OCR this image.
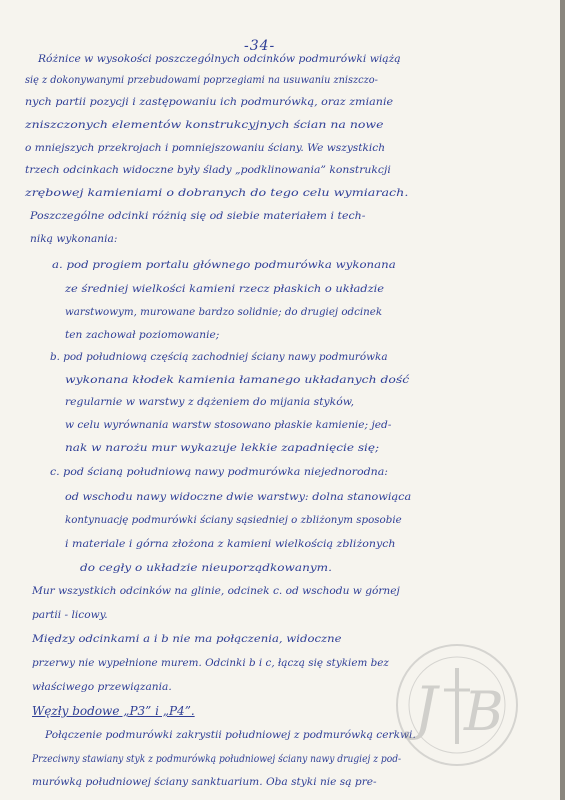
-34-
Różnice w wysokości poszczególnych odcinków podmurówki wiążą
się z dokonywanymi przebudowami poprzegiami na usuwaniu zniszczo-
nych partii pozycji i zastępowaniu ich podmurówką, oraz zmianie
zniszczonych elementów konstrukcyjnych ścian na nowe
o mniejszych przekrojach i pomniejszowaniu ściany. We wszystkich
trzech odcinkach widoczne były ślady „podklinowania” konstrukcji
zrębowej kamieniami o dobranych do tego celu wymiarach.
Poszczególne odcinki różnią się od siebie materiałem i tech-
niką wykonania:
a. pod progiem portalu głównego podmurówka wykonana
ze średniej wielkości kamieni rzecz płaskich o układzie
warstwowym, murowane bardzo solidnie; do drugiej odcinek
ten zachował poziomowanie;
b. pod południową częścią zachodniej ściany nawy podmurówka
wykonana kłodek kamienia łamanego układanych dość
regularnie w warstwy z dążeniem do mijania styków,
w celu wyrównania warstw stosowano płaskie kamienie; jed-
nak w narożu mur wykazuje lekkie zapadnięcie się;
c. pod ścianą południową nawy podmurówka niejednorodna:
od wschodu nawy widoczne dwie warstwy: dolna stanowiąca
kontynuację podmurówki ściany sąsiedniej o zbliżonym sposobie
i materiale i górna złożona z kamieni wielkością zbliżonych
do cegły o układzie nieuporządkowanym.
Mur wszystkich odcinków na glinie, odcinek c. od wschodu w górnej
partii - licowy.
Między odcinkami a i b nie ma połączenia, widoczne
przerwy nie wypełnione murem. Odcinki b i c, łączą się stykiem bez
właściwego przewiązania.
Węzły bodowe „P3” i „P4”.
Połączenie podmurówki zakrystii południowej z podmurówką cerkwi.
Przeciwny stawiany styk z podmurówką południowej ściany nawy drugiej z pod-
murówką południowej ściany sanktuarium. Oba styki nie są pre-
J B
